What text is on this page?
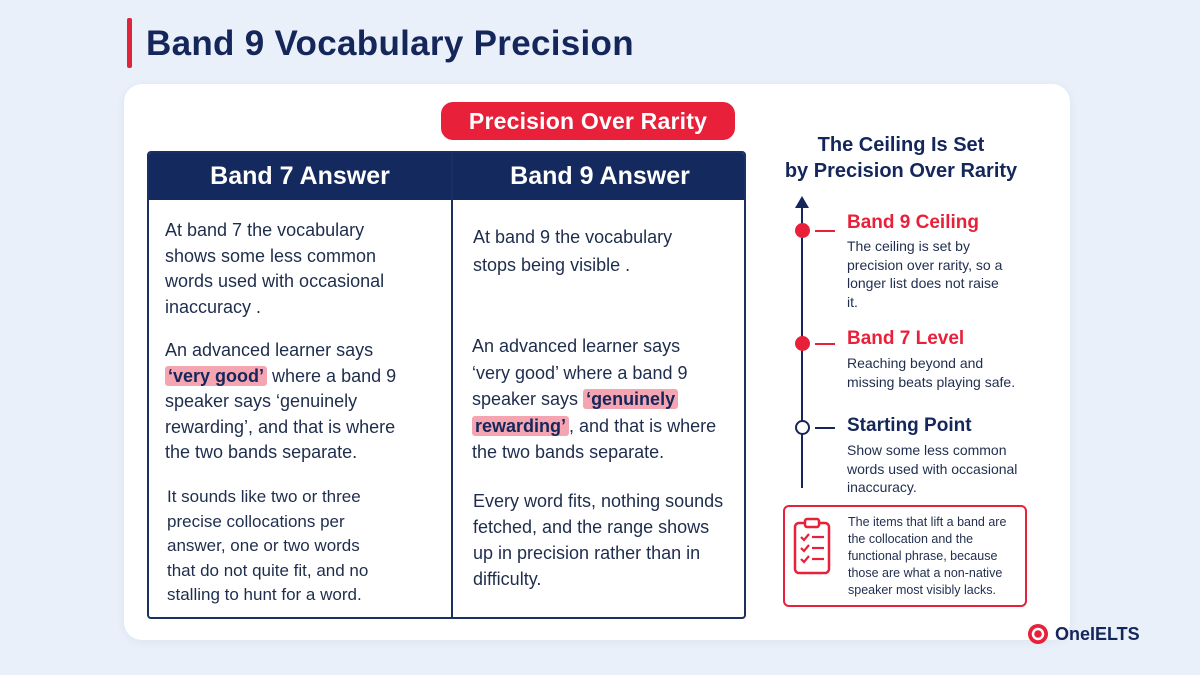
Band 9 Vocabulary Precision
Precision Over Rarity
Band 7 Answer	Band 9 Answer

At band 7 the vocabulary shows some less common words used with occasional inaccuracy .

An advanced learner says ‘very good’ where a band 9 speaker says ‘genuinely rewarding’, and that is where the two bands separate.

It sounds like two or three precise collocations per answer, one or two words that do not quite fit, and no stalling to hunt for a word.

At band 9 the vocabulary stops being visible .

An advanced learner says ‘very good’ where a band 9 speaker says ‘genuinely rewarding’ , and that is where the two bands separate.

Every word fits, nothing sounds fetched, and the range shows up in precision rather than in difficulty.

The Ceiling Is Set
by Precision Over Rarity
Band 9 Ceiling
The ceiling is set by precision over rarity, so a longer list does not raise it.
Band 7 Level
Reaching beyond and missing beats playing safe.
Starting Point
Show some less common words used with occasional inaccuracy.
The items that lift a band are the collocation and the functional phrase, because those are what a non-native speaker most visibly lacks.
OneIELTS
